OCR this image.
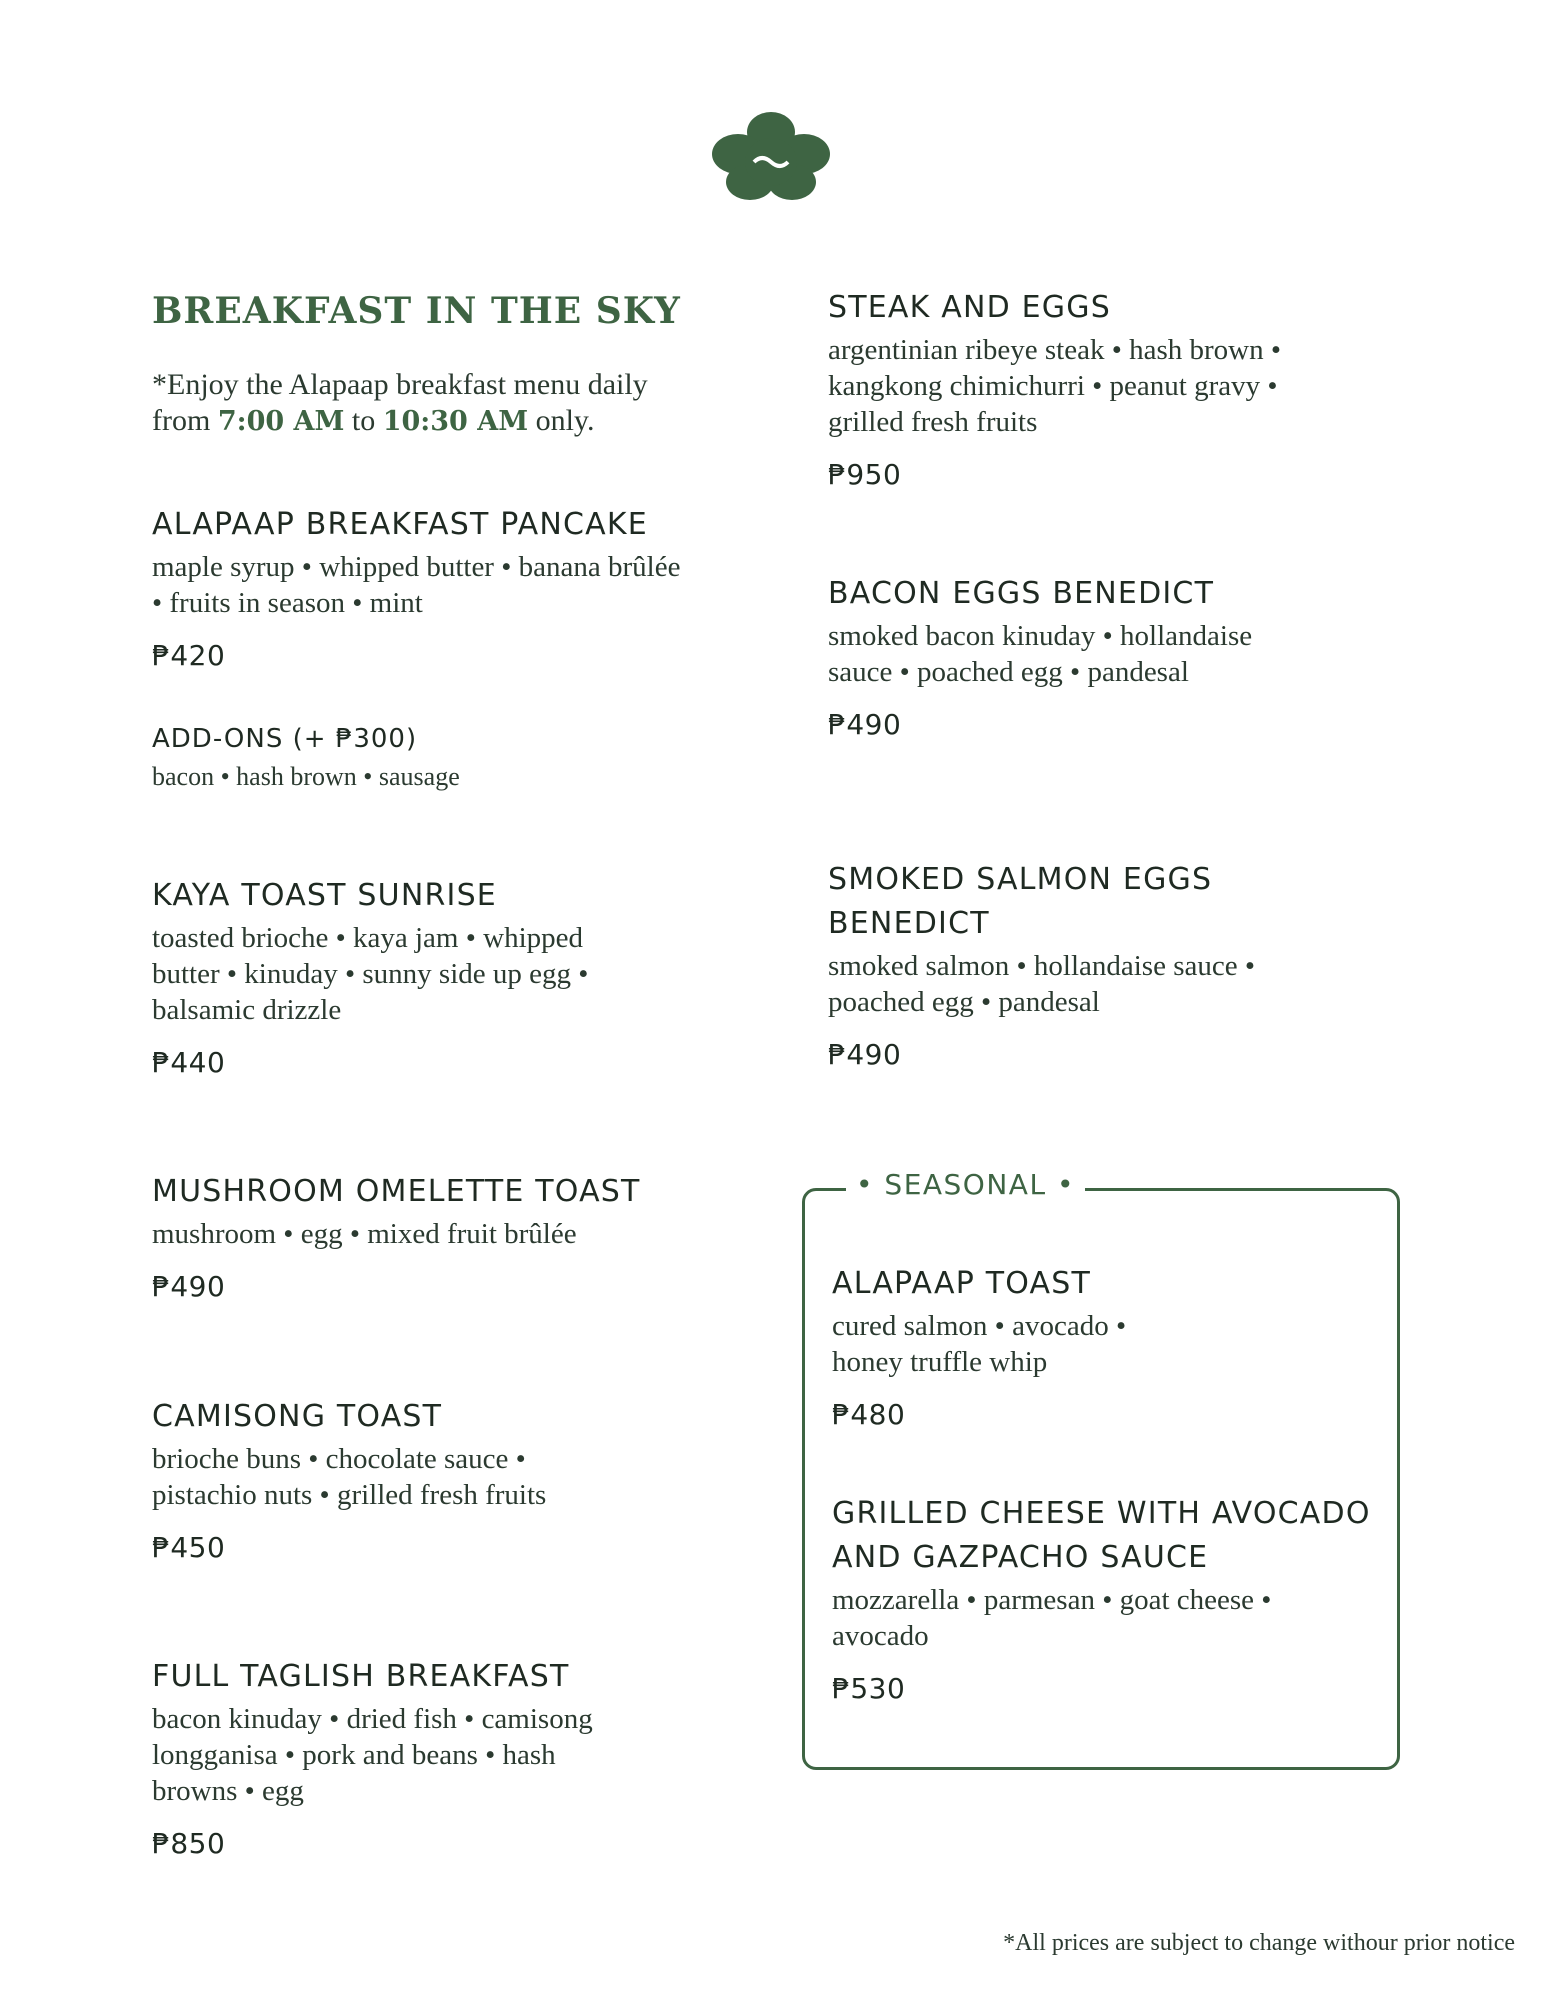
BREAKFAST IN THE SKY
*Enjoy the Alapaap breakfast menu daily from 7:00 AM to 10:30 AM only.
ALAPAAP BREAKFAST PANCAKE
maple syrup • whipped butter • banana brûlée • fruits in season • mint
₱420
ADD-ONS (+ ₱300)
bacon • hash brown • sausage
KAYA TOAST SUNRISE
toasted brioche • kaya jam • whipped butter • kinuday • sunny side up egg • balsamic drizzle
₱440
MUSHROOM OMELETTE TOAST
mushroom • egg • mixed fruit brûlée
₱490
CAMISONG TOAST
brioche buns • chocolate sauce • pistachio nuts • grilled fresh fruits
₱450
FULL TAGLISH BREAKFAST
bacon kinuday • dried fish • camisong longganisa • pork and beans • hash browns • egg
₱850
STEAK AND EGGS
argentinian ribeye steak • hash brown • kangkong chimichurri • peanut gravy • grilled fresh fruits
₱950
BACON EGGS BENEDICT
smoked bacon kinuday • hollandaise sauce • poached egg • pandesal
₱490
SMOKED SALMON EGGS BENEDICT
smoked salmon • hollandaise sauce • poached egg • pandesal
₱490
• SEASONAL •
ALAPAAP TOAST
cured salmon • avocado • honey truffle whip
₱480
GRILLED CHEESE WITH AVOCADO AND GAZPACHO SAUCE
mozzarella • parmesan • goat cheese • avocado
₱530
*All prices are subject to change withour prior notice
